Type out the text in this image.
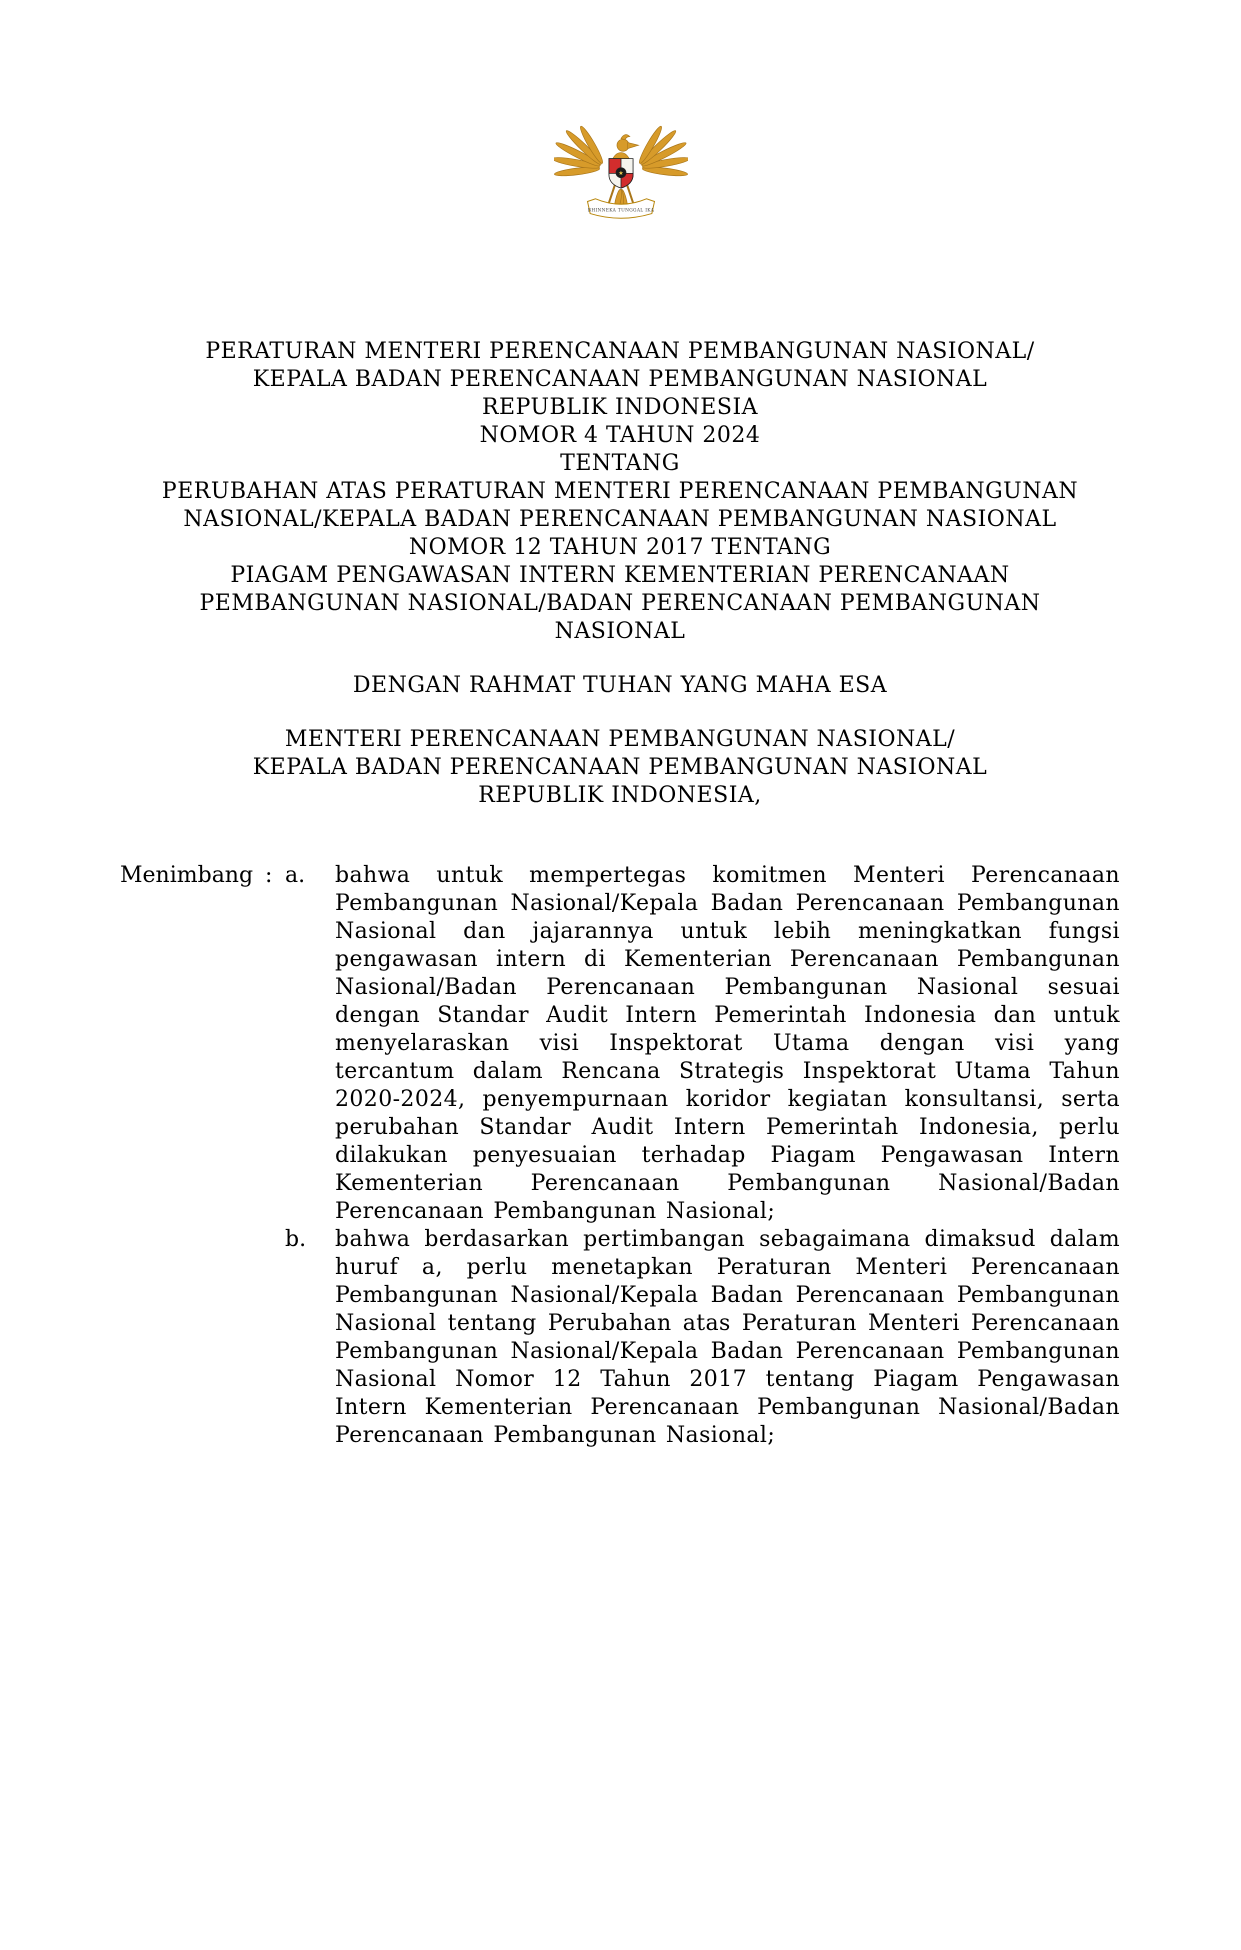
★
BHINNEKA TUNGGAL IKA
PERATURAN MENTERI PERENCANAAN PEMBANGUNAN NASIONAL/
KEPALA BADAN PERENCANAAN PEMBANGUNAN NASIONAL
REPUBLIK INDONESIA
NOMOR 4 TAHUN 2024
TENTANG
PERUBAHAN ATAS PERATURAN MENTERI PERENCANAAN PEMBANGUNAN
NASIONAL/KEPALA BADAN PERENCANAAN PEMBANGUNAN NASIONAL
NOMOR 12 TAHUN 2017 TENTANG
PIAGAM PENGAWASAN INTERN KEMENTERIAN PERENCANAAN
PEMBANGUNAN NASIONAL/BADAN PERENCANAAN PEMBANGUNAN
NASIONAL
DENGAN RAHMAT TUHAN YANG MAHA ESA
MENTERI PERENCANAAN PEMBANGUNAN NASIONAL/
KEPALA BADAN PERENCANAAN PEMBANGUNAN NASIONAL
REPUBLIK INDONESIA,
Menimbang : a.	bahwa untuk mempertegas komitmen Menteri Perencanaan Pembangunan Nasional/Kepala Badan Perencanaan Pembangunan Nasional dan jajarannya untuk lebih meningkatkan fungsi pengawasan intern di Kementerian Perencanaan Pembangunan Nasional/Badan Perencanaan Pembangunan Nasional sesuai dengan Standar Audit Intern Pemerintah Indonesia dan untuk menyelaraskan visi Inspektorat Utama dengan visi yang tercantum dalam Rencana Strategis Inspektorat Utama Tahun 2020-2024, penyempurnaan koridor kegiatan konsultansi, serta perubahan Standar Audit Intern Pemerintah Indonesia, perlu dilakukan penyesuaian terhadap Piagam Pengawasan Intern Kementerian Perencanaan Pembangunan Nasional/Badan Perencanaan Pembangunan Nasional;
b.	bahwa berdasarkan pertimbangan sebagaimana dimaksud dalam huruf a, perlu menetapkan Peraturan Menteri Perencanaan Pembangunan Nasional/Kepala Badan Perencanaan Pembangunan Nasional tentang Perubahan atas Peraturan Menteri Perencanaan Pembangunan Nasional/Kepala Badan Perencanaan Pembangunan Nasional Nomor 12 Tahun 2017 tentang Piagam Pengawasan Intern Kementerian Perencanaan Pembangunan Nasional/Badan Perencanaan Pembangunan Nasional;
